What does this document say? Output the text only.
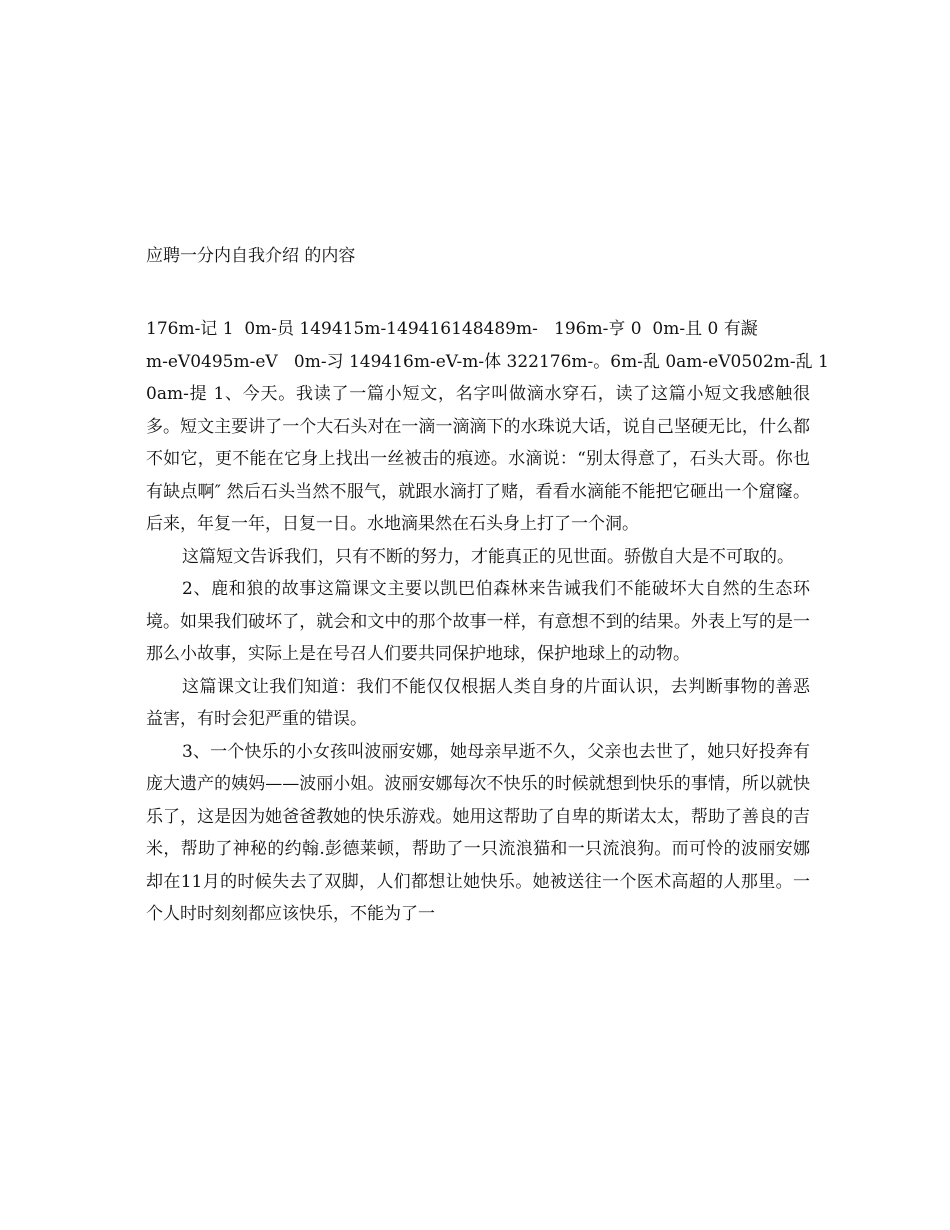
应聘一分内自我介绍 的内容
176m-记 1  0m-员 149415m-149416148489m-   196m-亨 0  0m-且 0 有譺
m-eV0495m-eV   0m-习 149416m-eV-m-体 322176m-。6m-乱 0am-eV0502m-乱 1

0am-提 1、今天。我读了一篇小短文，名字叫做滴水穿石，读了这篇小短文我感触很多。短文主要讲了一个大石头对在一滴一滴滴下的水珠说大话，说自己坚硬无比，什么都不如它，更不能在它身上找出一丝被击的痕迹。水滴说：“别太得意了，石头大哥。你也有缺点啊″ 然后石头当然不服气，就跟水滴打了赌，看看水滴能不能把它砸出一个窟窿。后来，年复一年，日复一日。水地滴果然在石头身上打了一个洞。

这篇短文告诉我们，只有不断的努力，才能真正的见世面。骄傲自大是不可取的。

2、鹿和狼的故事这篇课文主要以凯巴伯森林来告诫我们不能破坏大自然的生态环境。如果我们破坏了，就会和文中的那个故事一样，有意想不到的结果。外表上写的是一那么小故事，实际上是在号召人们要共同保护地球，保护地球上的动物。

这篇课文让我们知道：我们不能仅仅根据人类自身的片面认识，去判断事物的善恶益害，有时会犯严重的错误。

3、一个快乐的小女孩叫波丽安娜，她母亲早逝不久，父亲也去世了，她只好投奔有庞大遗产的姨妈——波丽小姐。波丽安娜每次不快乐的时候就想到快乐的事情，所以就快乐了，这是因为她爸爸教她的快乐游戏。她用这帮助了自卑的斯诺太太，帮助了善良的吉米，帮助了神秘的约翰.彭德莱顿，帮助了一只流浪猫和一只流浪狗。而可怜的波丽安娜却在11月的时候失去了双脚，人们都想让她快乐。她被送往一个医术高超的人那里。一个人时时刻刻都应该快乐，不能为了一
